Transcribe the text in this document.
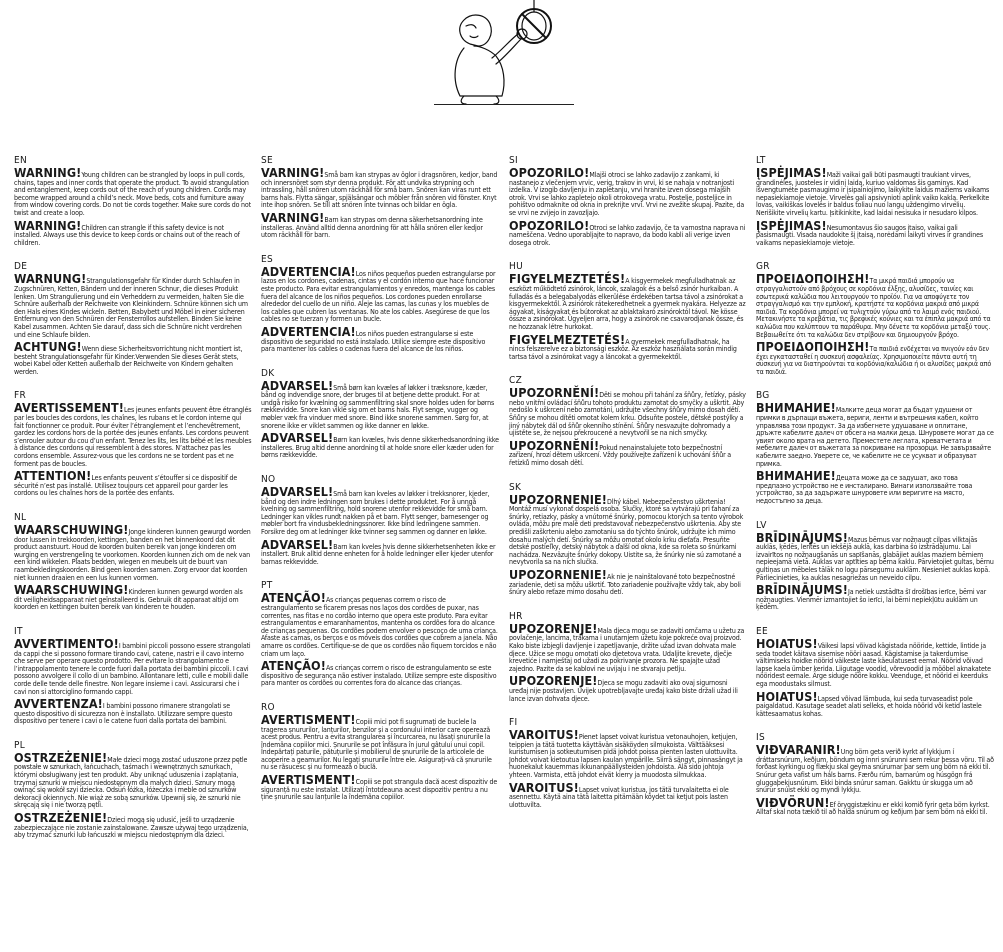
EN

WARNING!Young children can be strangled by loops in pull cords, chains, tapes and inner cords that operate the product. To avoid strangulation and entanglement, keep cords out of the reach of young children. Cords may become wrapped around a child’s neck. Move beds, cots and furniture away from window covering cords. Do not tie cords together. Make sure cords do not twist and create a loop.

WARNING!Children can strangle if this safety device is not installed. Always use this device to keep cords or chains out of the reach of children.

DE

WARNUNG!Strangulationsgefahr für Kinder durch Schlaufen in Zugschnüren, Ketten, Bändern und der inneren Schnur, die dieses Produkt lenken. Um Strangulierung und ein Verheddern zu vermeiden, halten Sie die Schnüre außerhalb der Reichweite von Kleinkindern. Schnüre können sich um den Hals eines Kindes wickeln. Betten, Babybett und Möbel in einer sicheren Entfernung von den Schnüren der Fensterrollos aufstellen. Binden Sie keine Kabel zusammen. Achten Sie darauf, dass sich die Schnüre nicht verdrehen und eine Schlaufe bilden.

ACHTUNG!Wenn diese Sicherheitsvorrichtung nicht montiert ist, besteht Strangulationsgefahr für Kinder.Verwenden Sie dieses Gerät stets, wobei Kabel oder Ketten außerhalb der Reichweite von Kindern gehalten werden.

FR

AVERTISSEMENT!Les jeunes enfants peuvent être étranglés par les boucles des cordons, les chaînes, les rubans et le cordon interne qui fait fonctionner ce produit. Pour éviter l’étranglement et l’enchevêtrement, gardez les cordons hors de la portée des jeunes enfants. Les cordons peuvent s’enrouler autour du cou d’un enfant. Tenez les lits, les lits bébé et les meubles à distance des cordons qui ressemblent à des stores. N’attachez pas les cordons ensemble. Assurez-vous que les cordons ne se tordent pas et ne forment pas de boucles.

ATTENTION!Les enfants peuvent s’étouffer si ce dispositif de sécurité n’est pas installé. Utilisez toujours cet appareil pour garder les cordons ou les chaînes hors de la portée des enfants.

NL

WAARSCHUWING!Jonge kinderen kunnen gewurgd worden door lussen in trekkoorden, kettingen, banden en het binnenkoord dat dit product aanstuurt. Houd de koorden buiten bereik van jonge kinderen om wurging en verstrengeling te voorkomen. Koorden kunnen zich om de nek van een kind wikkelen. Plaats bedden, wiegen en meubels uit de buurt van raambekledingskoorden. Bind geen koorden samen. Zorg ervoor dat koorden niet kunnen draaien en een lus kunnen vormen.

WAARSCHUWING!Kinderen kunnen gewurgd worden als dit veiligheidsapparaat niet geïnstalleerd is. Gebruik dit apparaat altijd om koorden en kettingen buiten bereik van kinderen te houden.

IT

AVVERTIMENTO!I bambini piccoli possono essere strangolati da cappi che si possono formare tirando cavi, catene, nastri e il cavo interno che serve per operare questo prodotto. Per evitare lo strangolamento e l’intrappolamento tenere le corde fuori dalla portata dei bambini piccoli. I cavi possono avvolgere il collo di un bambino. Allontanare letti, culle e mobili dalle corde delle tende delle finestre. Non legare insieme i cavi. Assicurarsi che i cavi non si attorciglino formando cappi.

AVVERTENZA!I bambini possono rimanere strangolati se questo dispositivo di sicurezza non è installato. Utilizzare sempre questo dispositivo per tenere i cavi o le catene fuori dalla portata dei bambini.

PL

OSTRZEŻENIE!Małe dzieci mogą zostać uduszone przez pętle powstałe w sznurkach, łańcuchach, taśmach i wewnętrznych sznurkach, którymi obsługiwany jest ten produkt. Aby uniknąć uduszenia i zaplątania, trzymaj sznurki w miejscu niedostępnym dla małych dzieci. Sznury mogą owinąć się wokół szyi dziecka. Odsuń łóżka, łóżeczka i meble od sznurków dekoracji okiennych. Nie wiąż ze sobą sznurków. Upewnij się, że sznurki nie skręcają się i nie tworzą pętli.

OSTRZEŻENIE!Dzieci mogą się udusić, jeśli to urządzenie zabezpieczające nie zostanie zainstalowane. Zawsze używaj tego urządzenia, aby trzymać sznurki lub łańcuszki w miejscu niedostępnym dla dzieci.

SE

VARNING!Små barn kan strypas av öglor i dragsnören, kedjor, band och innersnöret som styr denna produkt. För att undvika strypning och intrassling, håll snören utom räckhåll för små barn. Snören kan viras runt ett barns hals. Flytta sängar, spjälsängar och möbler från snören vid fönster. Knyt inte ihop snören. Se till att snören inte tvinnas och bildar en ögla.

VARNING!Barn kan strypas om denna säkerhetsanordning inte installeras. Använd alltid denna anordning för att hålla snören eller kedjor utom räckhåll för barn.

ES

ADVERTENCIA!Los niños pequeños pueden estrangularse por lazos en los cordones, cadenas, cintas y el cordón interno que hace funcionar este producto. Para evitar estrangulamientos y enredos, mantenga los cables fuera del alcance de los niños pequeños. Los cordones pueden enrollarse alrededor del cuello de un niño. Aleje las camas, las cunas y los muebles de los cables que cubren las ventanas. No ate los cables. Asegúrese de que los cables no se tuerzan y formen un bucle.

ADVERTENCIA!Los niños pueden estrangularse si este dispositivo de seguridad no está instalado. Utilice siempre este dispositivo para mantener los cables o cadenas fuera del alcance de los niños.

DK

ADVARSEL!Små børn kan kvæles af løkker i træksnore, kæder, bånd og indvendige snore, der bruges til at betjene dette produkt. For at undgå risiko for kvælning og sammenfiltring skal snore holdes uden for børns rækkevidde. Snore kan vikle sig om et barns hals. Flyt senge, vugger og møbler væk fra vinduer med snore. Bind ikke snorene sammen. Sørg for, at snorene ikke er viklet sammen og ikke danner en løkke.

ADVARSEL!Børn kan kvæles, hvis denne sikkerhedsanordning ikke installeres. Brug altid denne anordning til at holde snore eller kæder uden for børns rækkevidde.

NO

ADVARSEL!Små barn kan kveles av løkker i trekksnorer, kjeder, bånd og den indre ledningen som brukes i dette produktet. For å unngå kvelning og sammenfiltring, hold snorene utenfor rekkevidde for små barn. Ledninger kan vikles rundt nakken på et barn. Flytt senger, barnesenger og møbler bort fra vindusbekledningssnorer. Ikke bind ledningene sammen. Forsikre deg om at ledninger ikke tvinner seg sammen og danner en løkke.

ADVARSEL!Barn kan kveles hvis denne sikkerhetsenheten ikke er installert. Bruk alltid denne enheten for å holde ledninger eller kjeder utenfor barnas rekkevidde.

PT

ATENÇÃO!As crianças pequenas correm o risco de estrangulamento se ficarem presas nos laços dos cordões de puxar, nas correntes, nas fitas e no cordão interno que opera este produto. Para evitar estrangulamentos e emaranhamentos, mantenha os cordões fora do alcance de crianças pequenas. Os cordões podem envolver o pescoço de uma criança. Afaste as camas, os berços e os móveis dos cordões que cobrem a janela. Não amarre os cordões. Certifique-se de que os cordões não fiquem torcidos e não criam um laço.

ATENÇÃO!As crianças correm o risco de estrangulamento se este dispositivo de segurança não estiver instalado. Utilize sempre este dispositivo para manter os cordões ou correntes fora do alcance das crianças.

RO

AVERTISMENT!Copiii mici pot fi sugrumați de buclele la tragerea șnururilor, lanțurilor, benzilor și a cordonului interior care operează acest produs. Pentru a evita strangularea și încurcarea, nu lăsați șnururile la îndemâna copiilor mici. Șnururile se pot înfășura în jurul gâtului unui copil. Îndepărtați paturile, pătuțurile și mobilierul de șnururile de la articolele de acoperire a geamurilor. Nu legați șnururile între ele. Asigurați-vă că șnururile nu se răsucesc și nu formează o buclă.

AVERTISMENT!Copiii se pot strangula dacă acest dispozitiv de siguranță nu este instalat. Utilizați întotdeauna acest dispozitiv pentru a nu ține șnururile sau lanțurile la îndemâna copiilor.

SI

OPOZORILO!Mlajši otroci se lahko zadavijo z zankami, ki nastanejo z vlečenjem vrvic, verig, trakov in vrvi, ki se nahaja v notranjosti izdelka. V izogib davljenju in zapletanju, vrvi hranite izven dosega mlajših otrok. Vrvi se lahko zapletejo okoli otrokovega vratu. Postelje, posteljice in pohištvo odmaknite od okna in prekrijte vrvi. Vrvi ne zvežite skupaj. Pazite, da se vrvi ne zvijejo in zavozljajo.

OPOZORILO!Otroci se lahko zadavijo, če ta varnostna naprava ni nameščena. Vedno uporabljajte to napravo, da bodo kabli ali verige izven dosega otrok.

HU

FIGYELMEZTETÉS!A kisgyermekek megfulladhatnak az eszközt működtető zsinórok, láncok, szalagok és a belső zsinór hurkaiban. A fulladás és a belegabalyodás elkerülése érdekében tartsa távol a zsinórokat a kisgyermekektől. A zsinórok rátekeredhetnek a gyermek nyakára. Helyezze az ágyakat, kiságyakat és bútorokat az ablaktakaró zsinóroktól távol. Ne kösse össze a zsinórokat. Ügyeljen arra, hogy a zsinórok ne csavarodjanak össze, és ne hozzanak létre hurkokat.

FIGYELMEZTETÉS!A gyermekek megfulladhatnak, ha nincs felszerelve ez a biztonsági eszköz. Az eszköz használata során mindig tartsa távol a zsinórokat vagy a láncokat a gyermekektől.

CZ

UPOZORNĚNÍ!Děti se mohou při tahání za šňůry, řetízky, pásky nebo vnitřní ovládací šňůru tohoto produktu zamotat do smyčky a uškrtit. Aby nedošlo k uškrcení nebo zamotání, udržujte všechny šňůry mimo dosah dětí. Šňůry se mohou dítěti omotat kolem krku. Odsuňte postele, dětské postýlky a jiný nábytek dál od šňůr okenního stínění. Šňůry nesvazujte dohromady a ujistěte se, že nejsou překroucené a nevytvořil se na nich smyčky.

UPOZORNĚNÍ!Pokud nenainstalujete toto bezpečnostní zařízení, hrozí dětem uškrcení. Vždy používejte zařízení k uchování šňůr a řetízků mimo dosah dětí.

SK

UPOZORNENIE!Dlhý kábel. Nebezpečenstvo uškrtenia! Montáž musí vykonať dospelá osoba. Slučky, ktoré sa vytvárajú pri ťahaní za šnúrky, retiazky, pásky a vnútorné šnúrky, pomocou ktorých sa tento výrobok ovláda, môžu pre malé deti predstavovať nebezpečenstvo uškrtenia. Aby ste predišli zaškrteniu alebo zamotaniu sa do týchto šnúrok, udržujte ich mimo dosahu malých detí. Šnúrky sa môžu omotať okolo krku dieťaťa. Presuňte detské postieľky, detský nábytok a ďalší od okna, kde sa roleta so šnúrkami nachádza. Nezväzujte šnúrky dokopy. Uistite sa, že šnúrky nie sú zamotané a nevytvorila sa na nich slučka.

UPOZORNENIE!Ak nie je nainštalované toto bezpečnostné zariadenie, deti sa môžu uškrtiť. Toto zariadenie používajte vždy tak, aby boli šnúry alebo reťaze mimo dosahu detí.

HR

UPOZORENJE!Mala djeca mogu se zadaviti omčama u užetu za povlačenje, lancima, trakama i unutarnjem užetu koje pokreće ovaj proizvod. Kako biste izbjegli davljenje i zapetljavanje, držite užad izvan dohvata male djece. Užice se mogu omotati oko djetetova vrata. Udaljite krevete, dječje krevetiće i namještaj od užadi za pokrivanje prozora. Ne spajajte užad zajedno. Pazite da se kablovi ne uvijaju i ne stvaraju petlju.

UPOZORENJE!Djeca se mogu zadaviti ako ovaj sigurnosni uređaj nije postavljen. Uvijek upotrebljavajte uređaj kako biste držali užad ili lance izvan dohvata djece.

FI

VAROITUS!Pienet lapset voivat kuristua vetonauhojen, ketjujen, teippien ja tätä tuotetta käyttävän sisäköyden silmukoista. Välttääksesi kuristumisen ja sotkeutumisen pidä johdot poissa pienten lasten ulottuvilta. Johdot voivat kietoutua lapsen kaulan ympärille. Siirrä sängyt, pinnasängyt ja huonekalut kauemmas ikkunanpäällysteiden johdoista. Älä sido johtoja yhteen. Varmista, että johdot eivät kierry ja muodosta silmukkaa.

VAROITUS!Lapset voivat kuristua, jos tätä turvalaitetta ei ole asennettu. Käytä aina tätä laitetta pitämään köydet tai ketjut pois lasten ulottuvilta.

LT

ĮSPĖJIMAS!Maži vaikai gali būti pasmaugti traukiant virves, grandinėles, juosteles ir vidinį laidą, kuriuo valdomas šis gaminys. Kad išvengtumėte pasmaugimo ir įsipainiojimo, laikykite laidus mažiems vaikams nepasiekiamoje vietoje. Virvelės gali apsivynioti aplink vaiko kaklą. Perkelkite lovas, vaikiškas lovelės ir baldus toliau nuo langų uždengimo virvelių. Nerišikite virvelių kartu. Įsitikinkite, kad laidai nesisuka ir nesudaro kilpos.

ĮSPĖJIMAS!Nesumontavus šio saugos įtaiso, vaikai gali pasismaugti. Visada naudokite šį įtaisą, norėdami laikyti virves ir grandines vaikams nepasiekiamoje vietoje.

GR

ΠΡΟΕΙΔΟΠΟΙΗΣΗ!Τα μικρά παιδιά μπορούν να στραγγαλιστούν από βρόχους σε κορδόνια έλξης, αλυσίδες, ταινίες και εσωτερικά καλώδια που λειτουργούν το προϊόν. Για να αποφύγετε τον στραγγαλισμό και την εμπλοκή, κρατήστε τα κορδόνια μακριά από μικρά παιδιά. Τα κορδόνια μπορεί να τυλιχτούν γύρω από το λαιμό ενός παιδιού. Μετακινήστε τα κρεβάτια, τις βρεφικές κούνιες και τα έπιπλα μακριά από τα καλώδια που καλύπτουν τα παράθυρα. Μην δένετε τα κορδόνια μεταξύ τους. Βεβαιωθείτε ότι τα καλώδια δεν στρίβουν και δημιουργούν βρόχο.

ΠΡΟΕΙΔΟΠΟΙΗΣΗ!Τα παιδιά ενδέχεται να πνιγούν εάν δεν έχει εγκατασταθεί η συσκευή ασφαλείας. Χρησιμοποιείτε πάντα αυτή τη συσκευή για να διατηρούνται τα κορδόνια/καλώδια ή οι αλυσίδες μακριά από τα παιδιά.

BG

ВНИМАНИЕ!Малките деца могат да бъдат удушени от примки в дърпащи въжета, вериги, ленти и вътрешния кабел, който управлява този продукт. За да избегнете удушаване и оплитане, дръжте кабелите далеч от обсега на малки деца. Шнуровете могат да се увият около врата на детето. Преместете леглата, креватчетата и мебелите далеч от въжетата за покриване на прозорци. Не завързвайте кабелите заедно. Уверете се, че кабелите не се усукват и образуват примка.

ВНИМАНИЕ!Децата може да се задушат, ако това предпазно устройство не е инсталирано. Винаги използвайте това устройство, за да задържате шнуровете или веригите на място, недостъпно за деца.

LV

BRĪDINĀJUMS!Mazus bērnus var nožņaugt cilpas vilktajās auklās, ķēdēs, lentēs un iekšējā auklā, kas darbina šo izstrādājumu. Lai izvairītos no nožņaugšanās un sapīšanās, glabājiet auklas maziem bērniem nepieejamā vietā. Auklas var aptīties ap bērna kaklu. Pārvietojiet gultas, bērnu gultiņas un mēbeles tālāk no logu pārsegumu auklām. Nesieniet auklas kopā. Pārliecinieties, ka auklas nesagriežas un neveido cilpu.

BRĪDINĀJUMS!Ja netiek uzstādīta šī drošības ierīce, bērni var nožņaugties. Vienmēr izmantojiet šo ierīci, lai bērni nepiekļūtu auklām un ķēdēm.

EE

HOIATUS!Väikesi lapsi võivad kägistada nööride, kettide, lintide ja seda toodet käitava sisemise nööri aasad. Kägistamise ja takerdumise vältimiseks hoidke nöörid väikeste laste käeulatusest eemal. Nöörid võivad lapse kaela ümber kerida. Liigutage voodid, võrevoodid ja mööbel aknakatete nööridest eemale. Ärge siduge nööre kokku. Veenduge, et nöörid ei keerduks ega moodustaks silmust.

HOIATUS!Lapsed võivad lämbuda, kui seda turvaseadist pole paigaldatud. Kasutage seadet alati selleks, et hoida nöörid või ketid lastele kättesaamatus kohas.

IS

VIÐVARANIR!Ung börn geta verið kyrkt af lykkjum í dráttarsnúrum, keðjum, böndum og innri snúrunni sem rekur þessa vöru. Til að forðast kyrkingu og flækju skal geyma snúrurnar þar sem ung börn ná ekki til. Snúrur geta vafist um háls barns. Færðu rúm, barnarúm og húsgögn frá gluggaþekjusnúrum. Ekki binda snúrur saman. Gakktu úr skugga um að snúrur snúist ekki og myndi lykkju.

VIÐVÖRUN!Ef öryggistækinu er ekki komið fyrir geta börn kyrkst. Alltaf skal nota tækið til að halda snúrum og keðjum þar sem börn ná ekki til.
